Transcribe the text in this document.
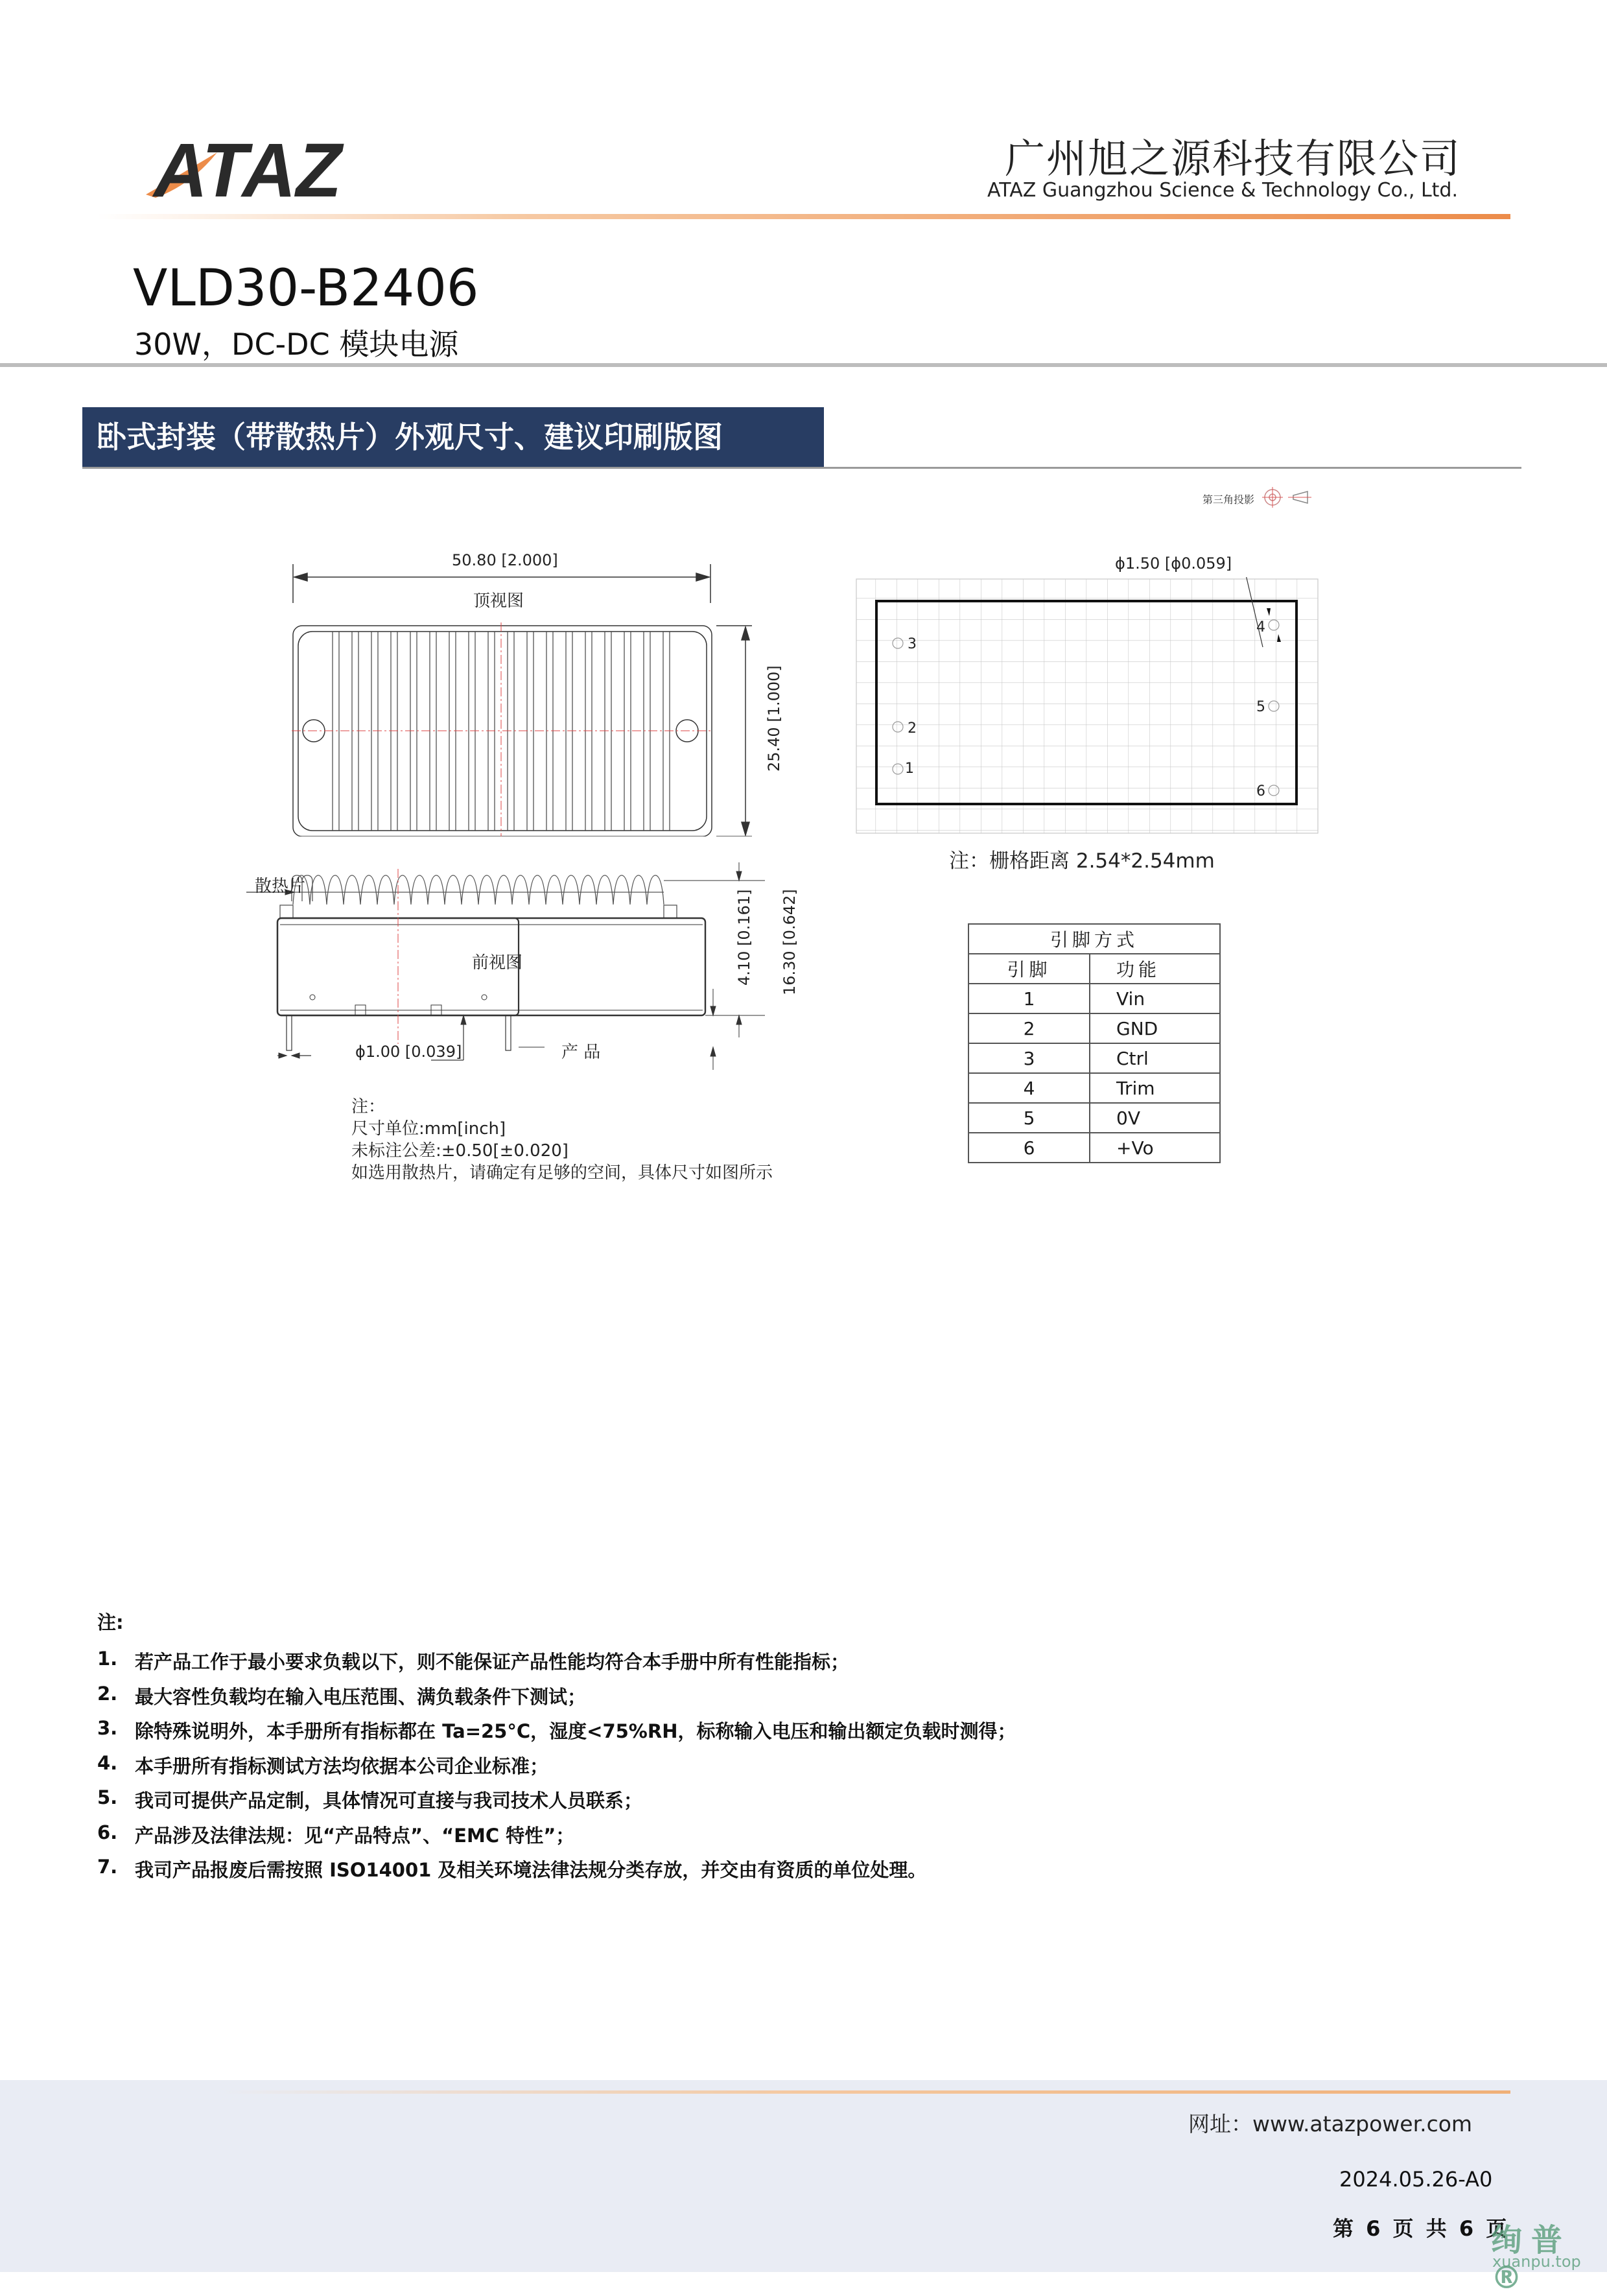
ATAZ	广州旭之源科技有限公司
ATAZ Guangzhou Science & Technology Co., Ltd.
VLD30-B2406
30W，DC-DC 模块电源
卧式封装（带散热片）外观尺寸、建议印刷版图
第三角投影
50.80 [2.000]
顶视图
25.40 [1.000]
散热片
前视图
ϕ1.00 [0.039]	产 品
4.10 [0.161] 16.30 [0.642]
注：
尺寸单位:mm[inch]
未标注公差:±0.50[±0.020]
如选用散热片，请确定有足够的空间，具体尺寸如图所示
3
2
1
4
5
6
ϕ1.50 [ϕ0.059]
注：栅格距离 2.54*2.54mm
引脚方式	
引脚	功能
1	Vin
2	GND
3	Ctrl
4	Trim
5	0V
6	+Vo
注:
1. 若产品工作于最小要求负载以下，则不能保证产品性能均符合本手册中所有性能指标；
2. 最大容性负载均在输入电压范围、满负载条件下测试；
3. 除特殊说明外，本手册所有指标都在 Ta=25°C，湿度<75%RH，标称输入电压和输出额定负载时测得；
4. 本手册所有指标测试方法均依据本公司企业标准；
5. 我司可提供产品定制，具体情况可直接与我司技术人员联系；
6. 产品涉及法律法规：见“产品特点”、“EMC 特性”；
7. 我司产品报废后需按照 ISO14001 及相关环境法律法规分类存放，并交由有资质的单位处理。
网址：www.atazpower.com
2024.05.26-A0
第 6 页 共 6 页
绚普®
xuanpu.top
